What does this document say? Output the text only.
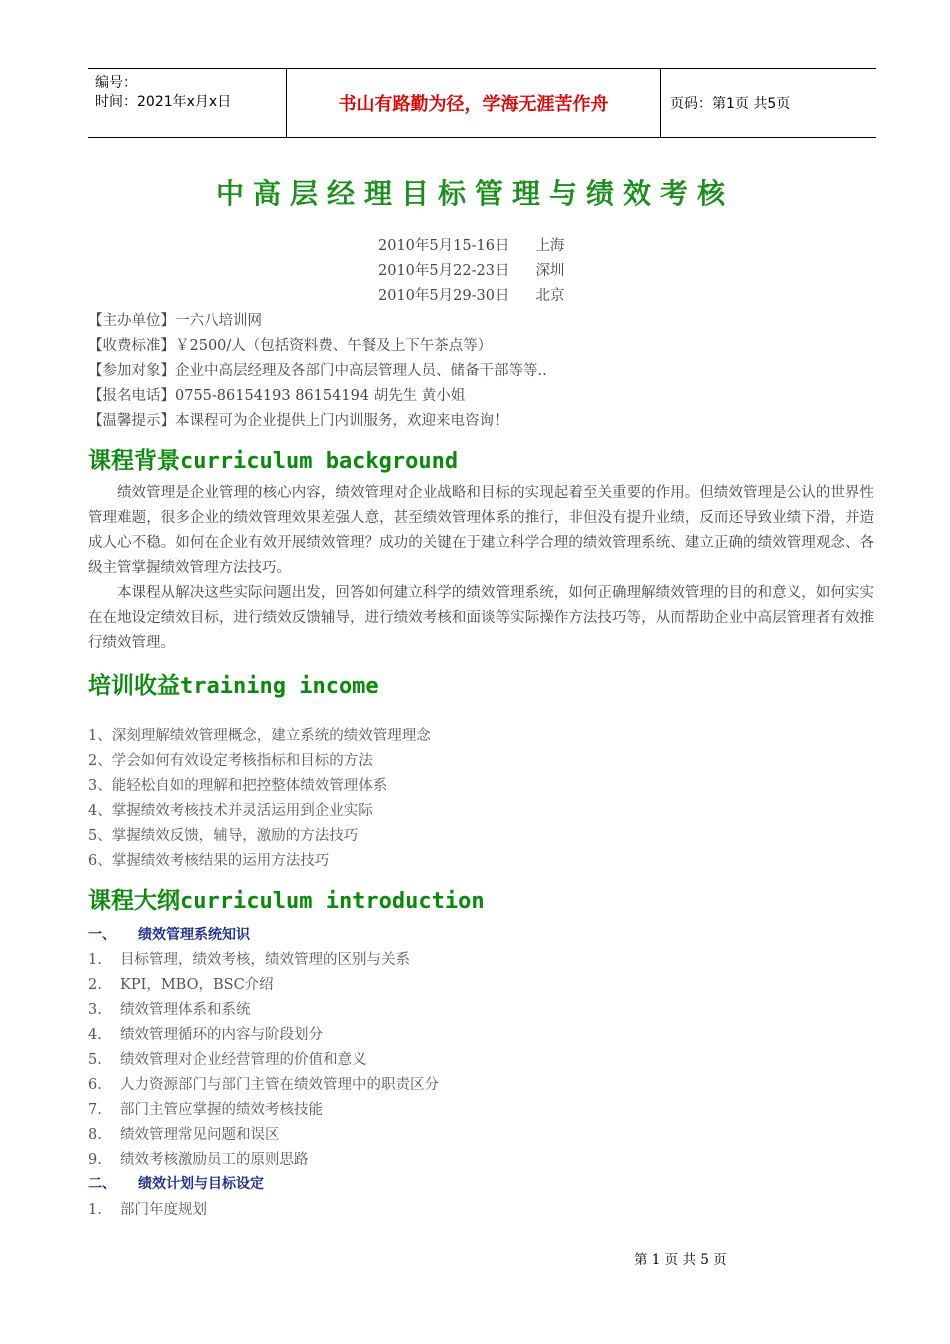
编号：
时间：2021年x月x日	书山有路勤为径，学海无涯苦作舟	页码：第1页 共5页
中高层经理目标管理与绩效考核
2010年5月15-16日 上海
2010年5月22-23日 深圳
2010年5月29-30日 北京
【主办单位】一六八培训网
【收费标准】￥2500/人（包括资料费、午餐及上下午茶点等）
【参加对象】企业中高层经理及各部门中高层管理人员、储备干部等等..
【报名电话】0755-86154193 86154194 胡先生 黄小姐
【温馨提示】本课程可为企业提供上门内训服务，欢迎来电咨询！
课程背景curriculum background
绩效管理是企业管理的核心内容，绩效管理对企业战略和目标的实现起着至关重要的作用。但绩效管理是公认的世界性管理难题，很多企业的绩效管理效果差强人意，甚至绩效管理体系的推行，非但没有提升业绩，反而还导致业绩下滑，并造成人心不稳。如何在企业有效开展绩效管理？成功的关键在于建立科学合理的绩效管理系统、建立正确的绩效管理观念、各级主管掌握绩效管理方法技巧。
本课程从解决这些实际问题出发，回答如何建立科学的绩效管理系统，如何正确理解绩效管理的目的和意义，如何实实在在地设定绩效目标，进行绩效反馈辅导，进行绩效考核和面谈等实际操作方法技巧等，从而帮助企业中高层管理者有效推行绩效管理。
培训收益training income
1、深刻理解绩效管理概念，建立系统的绩效管理理念
2、学会如何有效设定考核指标和目标的方法
3、能轻松自如的理解和把控整体绩效管理体系
4、掌握绩效考核技术并灵活运用到企业实际
5、掌握绩效反馈，辅导，激励的方法技巧
6、掌握绩效考核结果的运用方法技巧
课程大纲curriculum introduction
一、 绩效管理系统知识
1. 目标管理，绩效考核，绩效管理的区别与关系
2. KPI，MBO，BSC介绍
3. 绩效管理体系和系统
4. 绩效管理循环的内容与阶段划分
5. 绩效管理对企业经营管理的价值和意义
6. 人力资源部门与部门主管在绩效管理中的职责区分
7. 部门主管应掌握的绩效考核技能
8. 绩效管理常见问题和误区
9. 绩效考核激励员工的原则思路
二、 绩效计划与目标设定
1. 部门年度规划
第 1 页 共 5 页
